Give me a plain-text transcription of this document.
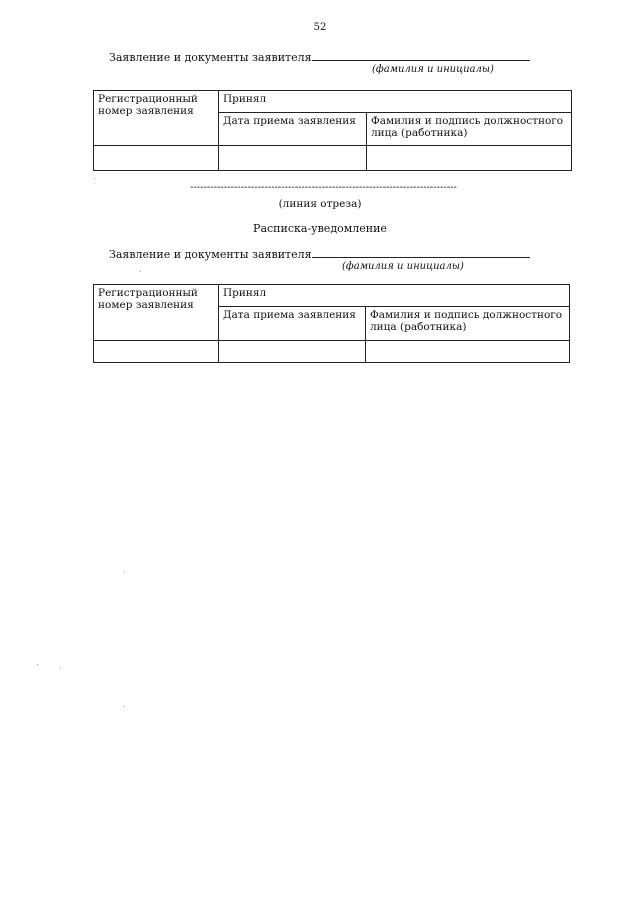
52
Заявление и документы заявителя
(фамилия и инициалы)
Регистрационный номер заявления	Принял	
	Дата приема заявления	Фамилия и подпись должностного лица (работника)

-------------------------------------------------------------------------------
(линия отреза)
Расписка-уведомление
Заявление и документы заявителя
(фамилия и инициалы)
Регистрационный номер заявления	Принял	
	Дата приема заявления	Фамилия и подпись должностного лица (работника)
